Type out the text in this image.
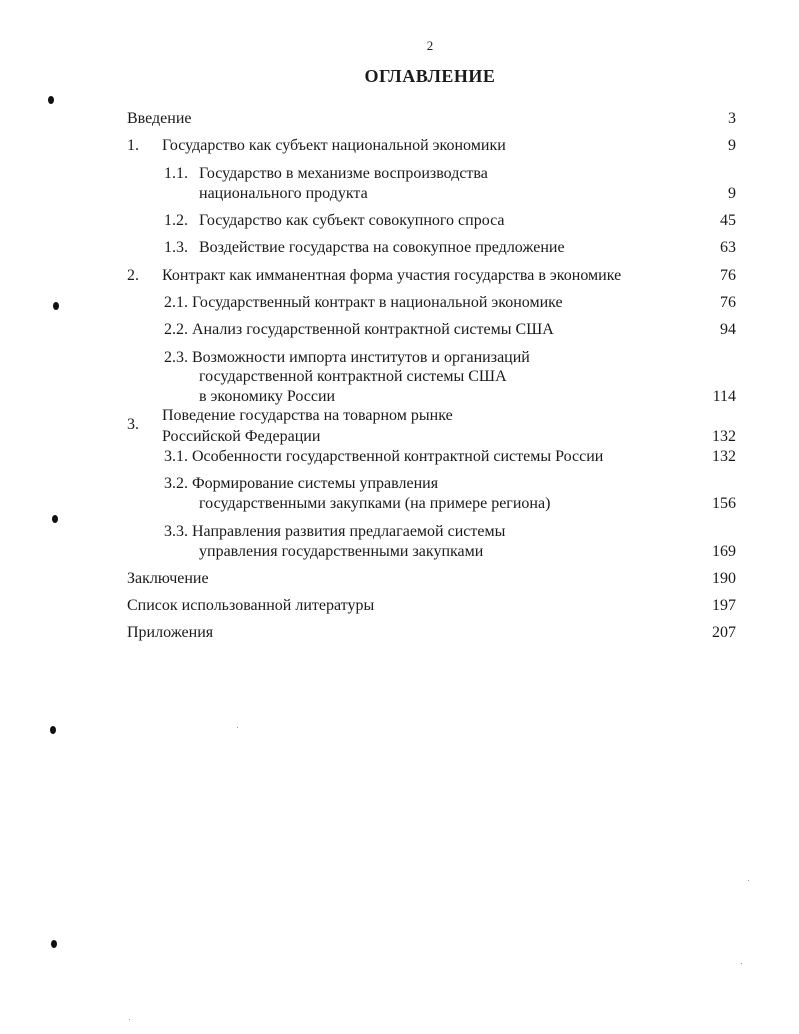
2
ОГЛАВЛЕНИЕ
Введение	3
1. Государство как субъект национальной экономики	9
1.1. Государство в механизме воспроизводства
национального продукта	9
1.2. Государство как субъект совокупного спроса	45
1.3. Воздействие государства на совокупное предложение	63
2. Контракт как имманентная форма участия государства в экономике	76
2.1. Государственный контракт в национальной экономике	76
2.2. Анализ государственной контрактной системы США	94
2.3. Возможности импорта институтов и организаций
государственной контрактной системы США
в экономику России	114
3.
Поведение государства на товарном рынке
Российской Федерации	132
3.1. Особенности государственной контрактной системы России	132
3.2. Формирование системы управления
государственными закупками (на примере региона)	156
3.3. Направления развития предлагаемой системы
управления государственными закупками	169
Заключение	190
Список использованной литературы	197
Приложения	207
